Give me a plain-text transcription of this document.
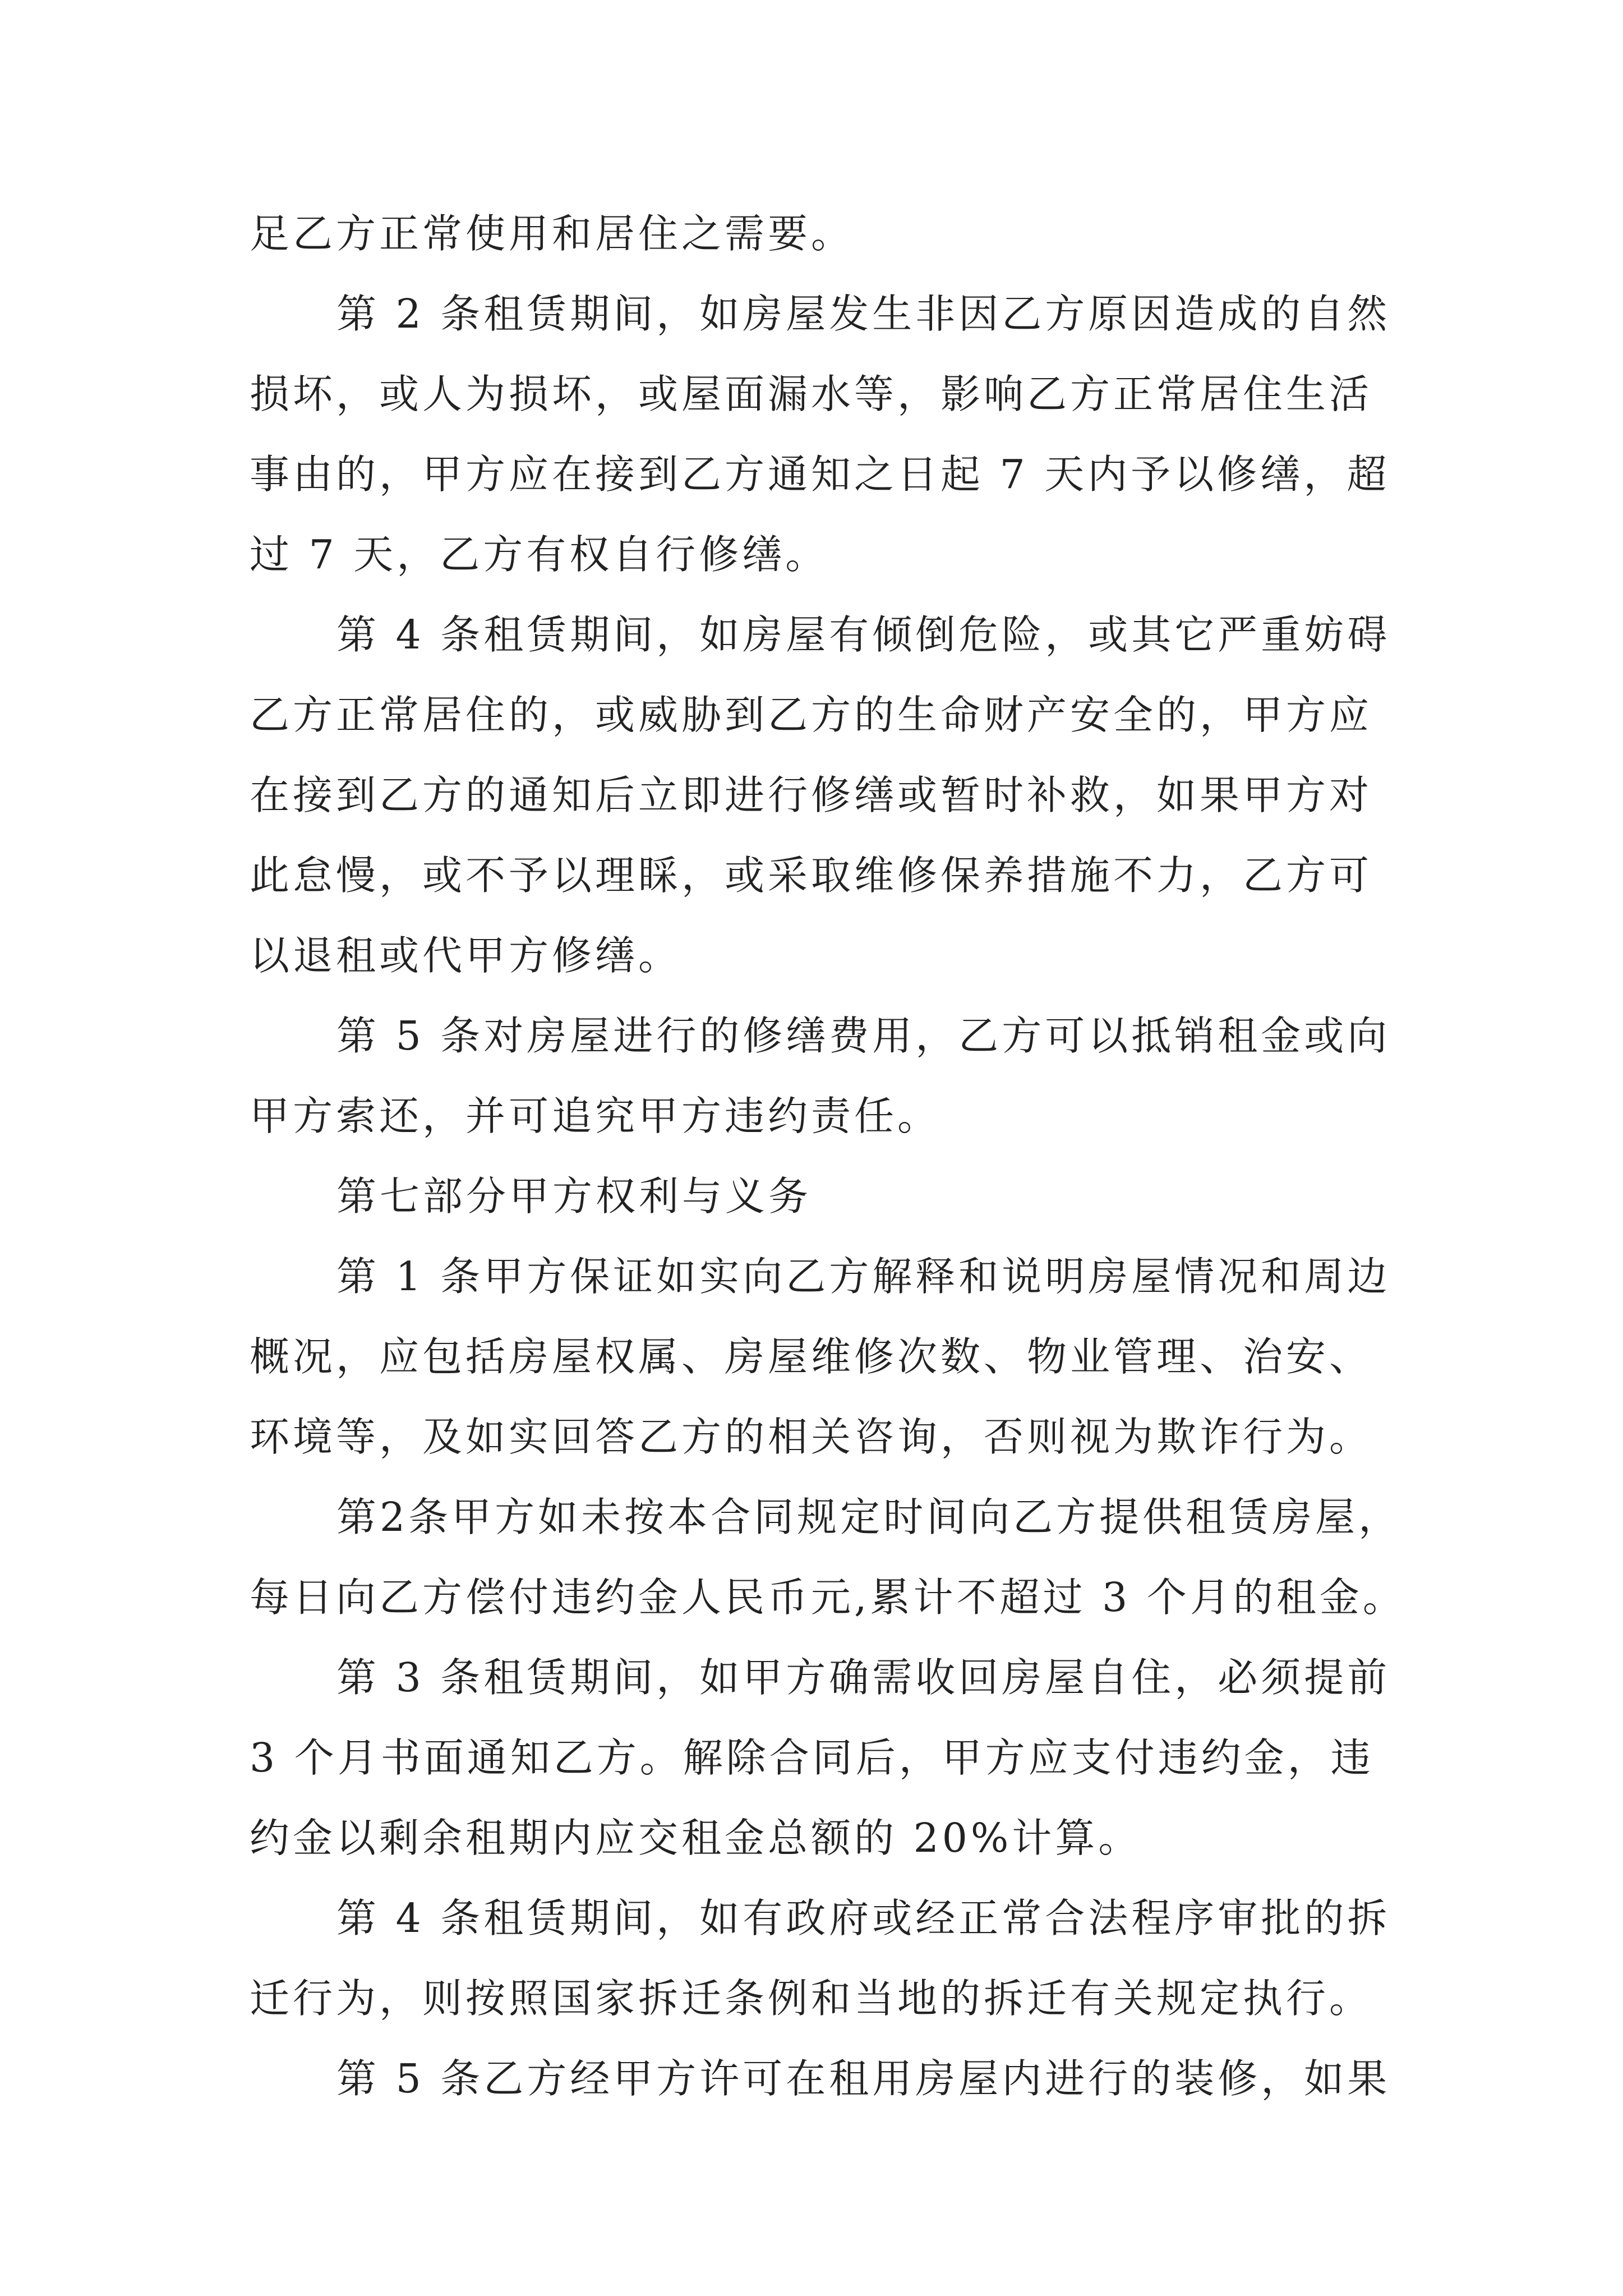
足乙方正常使用和居住之需要。
第 2 条租赁期间，如房屋发生非因乙方原因造成的自然
损坏，或人为损坏，或屋面漏水等，影响乙方正常居住生活
事由的，甲方应在接到乙方通知之日起 7 天内予以修缮，超
过 7 天，乙方有权自行修缮。
第 4 条租赁期间，如房屋有倾倒危险，或其它严重妨碍
乙方正常居住的，或威胁到乙方的生命财产安全的，甲方应
在接到乙方的通知后立即进行修缮或暂时补救，如果甲方对
此怠慢，或不予以理睬，或采取维修保养措施不力，乙方可
以退租或代甲方修缮。
第 5 条对房屋进行的修缮费用，乙方可以抵销租金或向
甲方索还，并可追究甲方违约责任。
第七部分甲方权利与义务
第 1 条甲方保证如实向乙方解释和说明房屋情况和周边
概况，应包括房屋权属、房屋维修次数、物业管理、治安、
环境等，及如实回答乙方的相关咨询，否则视为欺诈行为。
第2条甲方如未按本合同规定时间向乙方提供租赁房屋，
每日向乙方偿付违约金人民币元,累计不超过 3 个月的租金。
第 3 条租赁期间，如甲方确需收回房屋自住，必须提前
3 个月书面通知乙方。解除合同后，甲方应支付违约金，违
约金以剩余租期内应交租金总额的 20%计算。
第 4 条租赁期间，如有政府或经正常合法程序审批的拆
迁行为，则按照国家拆迁条例和当地的拆迁有关规定执行。
第 5 条乙方经甲方许可在租用房屋内进行的装修，如果
